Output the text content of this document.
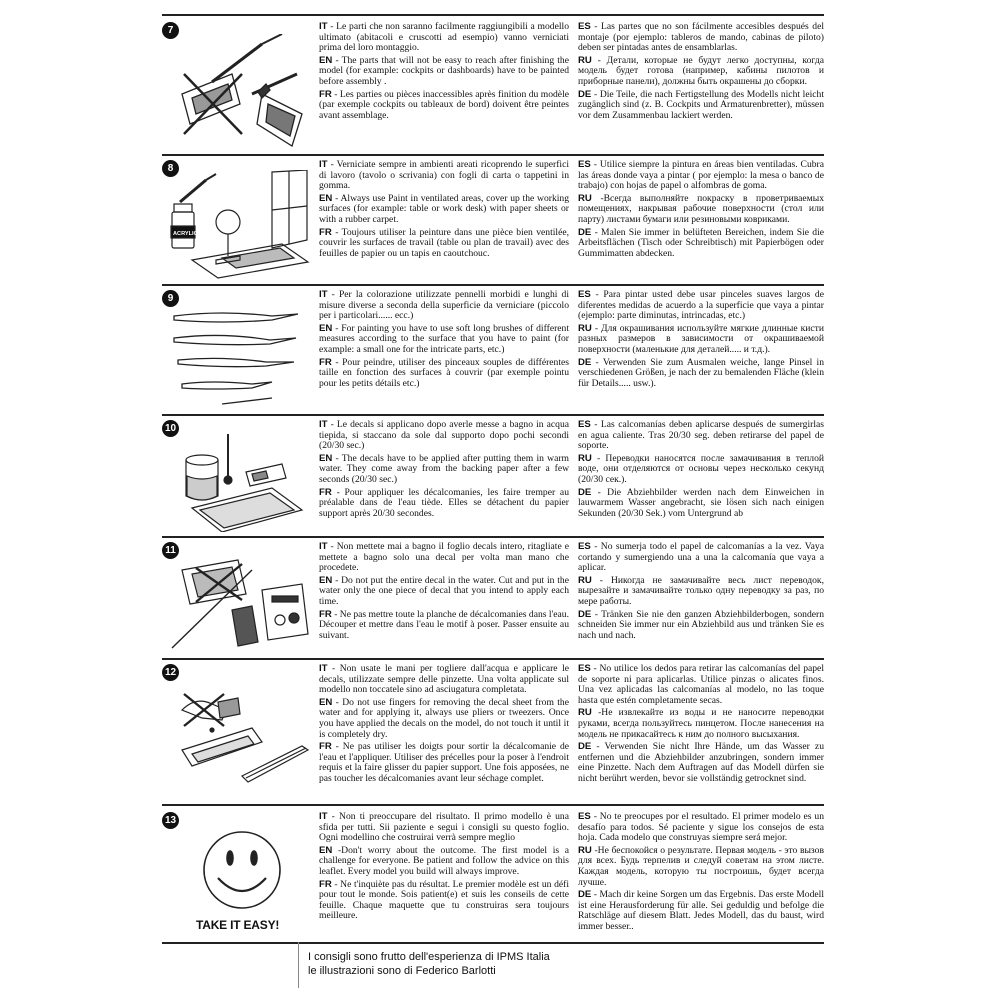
7	IT - Le parti che non saranno facilmente raggiungibili a modello ultimato (abitacoli e cruscotti ad esempio) vanno verniciati prima del loro montaggio.

EN - The parts that will not be easy to reach after finishing the model (for example: cockpits or dashboards) have to be painted before assembly .

FR - Les parties ou pièces inaccessibles après finition du modèle (par exemple cockpits ou tableaux de bord) doivent être peintes avant assemblage.

ES - Las partes que no son fácilmente accesibles después del montaje (por ejemplo: tableros de mando, cabinas de piloto) deben ser pintadas antes de ensamblarlas.

RU - Детали, которые не будут легко доступны, когда модель будет готова (например, кабины пилотов и приборные панели), должны быть окрашены до сборки.

DE - Die Teile, die nach Fertigstellung des Modells nicht leicht zugänglich sind (z. B. Cockpits und Armaturenbretter), müssen vor dem Zusammenbau lackiert werden.

8
ACRYLIC

IT - Verniciate sempre in ambienti areati ricoprendo le superfici di lavoro (tavolo o scrivania) con fogli di carta o tappetini in gomma.

EN - Always use Paint in ventilated areas, cover up the working surfaces (for example: table or work desk) with paper sheets or with a rubber carpet.

FR - Toujours utiliser la peinture dans une pièce bien ventilée, couvrir les surfaces de travail (table ou plan de travail) avec des feuilles de papier ou un tapis en caoutchouc.

ES - Utilice siempre la pintura en áreas bien ventiladas. Cubra las áreas donde vaya a pintar ( por ejemplo: la mesa o banco de trabajo) con hojas de papel o alfombras de goma.

RU -Всегда выполняйте покраску в проветриваемых помещениях, накрывая рабочие поверхности (стол или парту) листами бумаги или резиновыми ковриками.

DE - Malen Sie immer in belüfteten Bereichen, indem Sie die Arbeitsflächen (Tisch oder Schreibtisch) mit Papierbögen oder Gummimatten abdecken.

9	IT - Per la colorazione utilizzate pennelli morbidi e lunghi di misure diverse a seconda della superficie da verniciare (piccolo per i particolari...... ecc.)

EN - For painting you have to use soft long brushes of different measures according to the surface that you have to paint (for example: a small one for the intricate parts, etc.)

FR - Pour peindre, utiliser des pinceaux souples de différentes taille en fonction des surfaces à couvrir (par exemple pointu pour les petits détails etc.)

ES - Para pintar usted debe usar pinceles suaves largos de diferentes medidas de acuerdo a la superficie que vaya a pintar (ejemplo: parte diminutas, intrincadas, etc.)

RU - Для окрашивания используйте мягкие длинные кисти разных размеров в зависимости от окрашиваемой поверхности (маленькие для деталей..... и т.д.).

DE - Verwenden Sie zum Ausmalen weiche, lange Pinsel in verschiedenen Größen, je nach der zu bemalenden Fläche (klein für Details..... usw.).

10	IT - Le decals si applicano dopo averle messe a bagno in acqua tiepida, si staccano da sole dal supporto dopo pochi secondi (20/30 sec.)

EN - The decals have to be applied after putting them in warm water. They come away from the backing paper after a few seconds (20/30 sec.)

FR - Pour appliquer les décalcomanies, les faire tremper au préalable dans de l'eau tiède. Elles se détachent du papier support après 20/30 secondes.

ES - Las calcomanías deben aplicarse después de sumergirlas en agua caliente. Tras 20/30 seg. deben retirarse del papel de soporte.

RU - Переводки наносятся после замачивания в теплой воде, они отделяются от основы через несколько секунд (20/30 сек.).

DE - Die Abziehbilder werden nach dem Einweichen in lauwarmem Wasser angebracht, sie lösen sich nach einigen Sekunden (20/30 Sek.) vom Untergrund ab

11	IT - Non mettete mai a bagno il foglio decals intero, ritagliate e mettete a bagno solo una decal per volta man mano che procedete.

EN - Do not put the entire decal in the water. Cut and put in the water only the one piece of decal that you intend to apply each time.

FR - Ne pas mettre toute la planche de décalcomanies dans l'eau. Découper et mettre dans l'eau le motif à poser. Passer ensuite au suivant.

ES - No sumerja todo el papel de calcomanías a la vez. Vaya cortando y sumergiendo una a una la calcomanía que vaya a aplicar.

RU - Никогда не замачивайте весь лист переводок, вырезайте и замачивайте только одну переводку за раз, по мере работы.

DE - Tränken Sie nie den ganzen Abziehbilderbogen, sondern schneiden Sie immer nur ein Abziehbild aus und tränken Sie es nach und nach.

12	IT - Non usate le mani per togliere dall'acqua e applicare le decals, utilizzate sempre delle pinzette. Una volta applicate sul modello non toccatele sino ad asciugatura completata.

EN - Do not use fingers for removing the decal sheet from the water and for applying it, always use pliers or tweezers. Once you have applied the decals on the model, do not touch it until it is completely dry.

FR - Ne pas utiliser les doigts pour sortir la décalcomanie de l'eau et l'appliquer. Utiliser des précelles pour la poser à l'endroit requis et la faire glisser du papier support. Une fois apposées, ne pas toucher les décalcomanies avant leur séchage complet.

ES - No utilice los dedos para retirar las calcomanías del papel de soporte ni para aplicarlas. Utilice pinzas o alicates finos. Una vez aplicadas las calcomanías al modelo, no las toque hasta que estén completamente secas.

RU -Не извлекайте из воды и не наносите переводки руками, всегда пользуйтесь пинцетом. После нанесения на модель не прикасайтесь к ним до полного высыхания.

DE - Verwenden Sie nicht Ihre Hände, um das Wasser zu entfernen und die Abziehbilder anzubringen, sondern immer eine Pinzette. Nach dem Auftragen auf das Modell dürfen sie nicht berührt werden, bevor sie vollständig getrocknet sind.

13
TAKE IT EASY!

IT - Non ti preoccupare del risultato. Il primo modello è una sfida per tutti. Sii paziente e segui i consigli su questo foglio. Ogni modellino che costruirai verrà sempre meglio

EN -Don't worry about the outcome. The first model is a challenge for everyone. Be patient and follow the advice on this leaflet. Every model you build will always improve.

FR - Ne t'inquiète pas du résultat. Le premier modèle est un défi pour tout le monde. Sois patient(e) et suis les conseils de cette feuille. Chaque maquette que tu construiras sera toujours meilleure.

ES - No te preocupes por el resultado. El primer modelo es un desafío para todos. Sé paciente y sigue los consejos de esta hoja. Cada modelo que construyas siempre será mejor.

RU -Не беспокойся о результате. Первая модель - это вызов для всех. Будь терпелив и следуй советам на этом листе. Каждая модель, которую ты построишь, будет всегда лучше.

DE - Mach dir keine Sorgen um das Ergebnis. Das erste Modell ist eine Herausforderung für alle. Sei geduldig und befolge die Ratschläge auf diesem Blatt. Jedes Modell, das du baust, wird immer besser..

I consigli sono frutto dell'esperienza di IPMS Italia
le illustrazioni sono di Federico Barlotti
